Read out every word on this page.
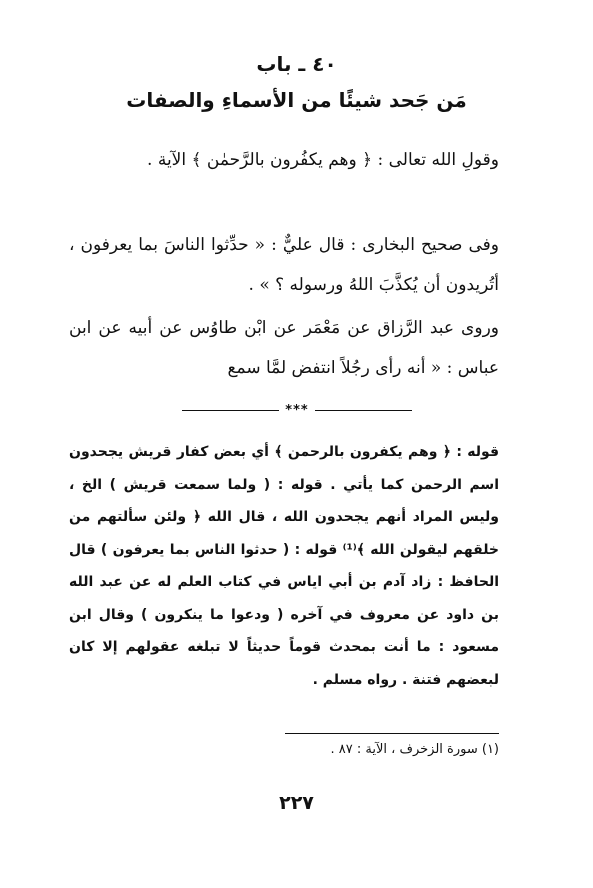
٤٠ ـ باب
مَن جَحد شيئًا من الأسماءِ والصفات
وقولِ الله تعالى : ﴿ وهم يكفُرون بالرَّحمٰن ﴾ الآية .
وفى صحيح البخارى : قال عليٌّ : « حدِّثوا الناسَ بما يعرفون ، أتُريدون أن يُكذَّبَ اللهُ ورسوله ؟ » .
وروى عبد الرَّزاق عن مَعْمَر عن ابْن طاوُس عن أبيه عن ابن عباس : « أنه رأى رجُلاً انتفض لمَّا سمع
***
قوله : ﴿ وهم يكفرون بالرحمن ﴾ أي بعض كفار قريش يجحدون اسم الرحمن كما يأتي . قوله : ( ولما سمعت قريش ) الخ ، وليس المراد أنهم يجحدون الله ، قال الله ﴿ ولئن سألتهم من خلقهم ليقولن الله ﴾⁽¹⁾ قوله : ( حدثوا الناس بما يعرفون ) قال الحافظ : زاد آدم بن أبي اياس في كتاب العلم له عن عبد الله بن داود عن معروف في آخره ( ودعوا ما ينكرون ) وقال ابن مسعود : ما أنت بمحدث قوماً حديثاً لا تبلغه عقولهم إلا كان لبعضهم فتنة . رواه مسلم .
(١) سورة الزخرف ، الآية : ٨٧ .
٢٢٧
